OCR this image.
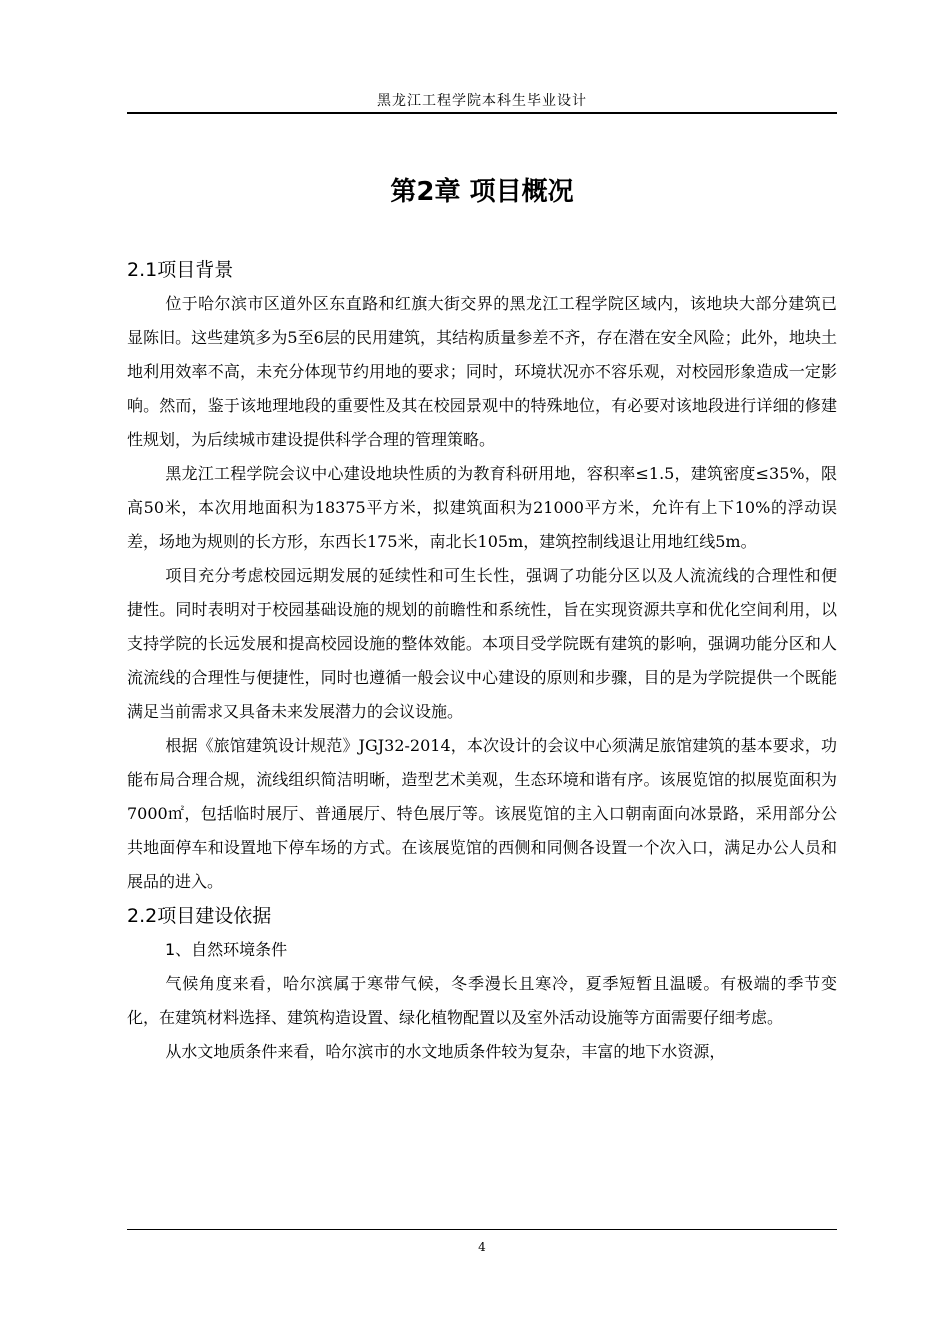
黑龙江工程学院本科生毕业设计
第2章 项目概况
2.1项目背景

位于哈尔滨市区道外区东直路和红旗大街交界的黑龙江工程学院区域内，该地块大部分建筑已显陈旧。这些建筑多为5至6层的民用建筑，其结构质量参差不齐，存在潜在安全风险；此外，地块土地利用效率不高，未充分体现节约用地的要求；同时，环境状况亦不容乐观，对校园形象造成一定影响。然而，鉴于该地理地段的重要性及其在校园景观中的特殊地位，有必要对该地段进行详细的修建性规划，为后续城市建设提供科学合理的管理策略。

黑龙江工程学院会议中心建设地块性质的为教育科研用地，容积率≤1.5，建筑密度≤35%，限高50米，本次用地面积为18375平方米，拟建筑面积为21000平方米，允许有上下10%的浮动误差，场地为规则的长方形，东西长175米，南北长105m，建筑控制线退让用地红线5m。

项目充分考虑校园远期发展的延续性和可生长性，强调了功能分区以及人流流线的合理性和便捷性。同时表明对于校园基础设施的规划的前瞻性和系统性，旨在实现资源共享和优化空间利用，以支持学院的长远发展和提高校园设施的整体效能。本项目受学院既有建筑的影响，强调功能分区和人流流线的合理性与便捷性，同时也遵循一般会议中心建设的原则和步骤，目的是为学院提供一个既能满足当前需求又具备未来发展潜力的会议设施。

根据《旅馆建筑设计规范》JGJ32-2014，本次设计的会议中心须满足旅馆建筑的基本要求，功能布局合理合规，流线组织简洁明晰，造型艺术美观，生态环境和谐有序。该展览馆的拟展览面积为7000㎡，包括临时展厅、普通展厅、特色展厅等。该展览馆的主入口朝南面向冰景路，采用部分公共地面停车和设置地下停车场的方式。在该展览馆的西侧和同侧各设置一个次入口，满足办公人员和展品的进入。

2.2项目建设依据
1、自然环境条件

气候角度来看，哈尔滨属于寒带气候，冬季漫长且寒冷，夏季短暂且温暖。有极端的季节变化，在建筑材料选择、建筑构造设置、绿化植物配置以及室外活动设施等方面需要仔细考虑。

从水文地质条件来看，哈尔滨市的水文地质条件较为复杂，丰富的地下水资源，

4
